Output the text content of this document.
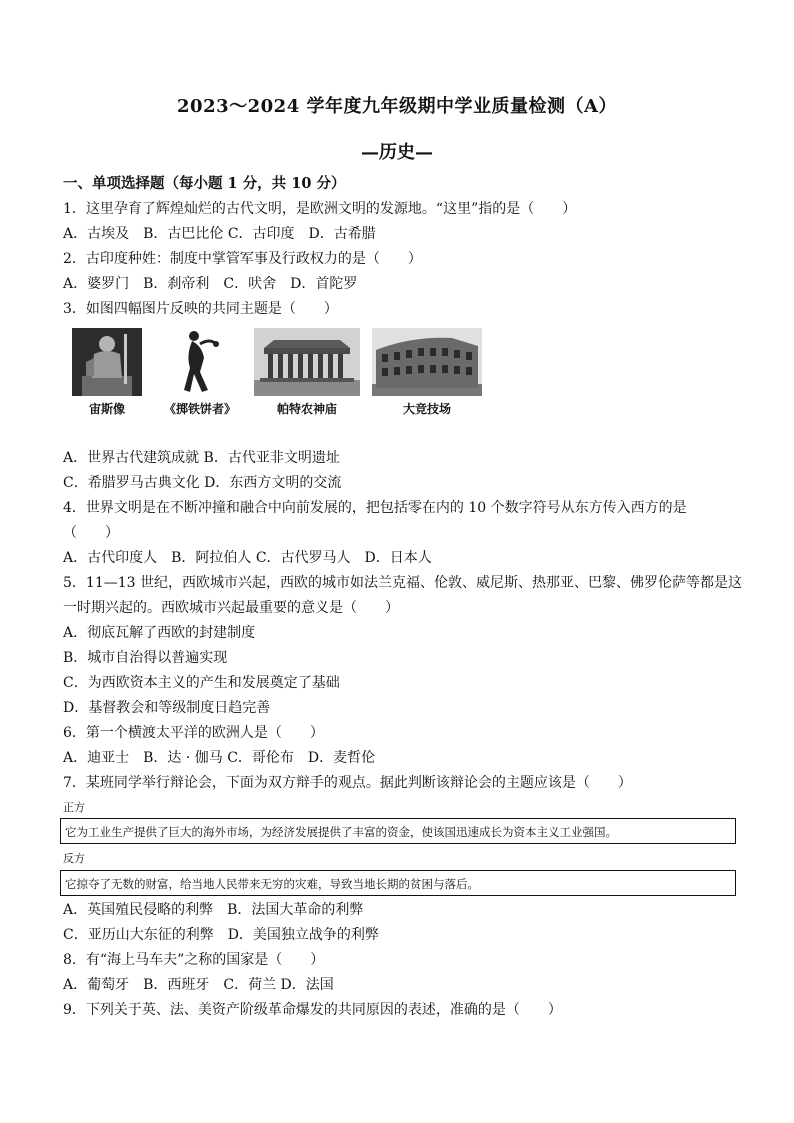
2023～2024 学年度九年级期中学业质量检测（A）
—历史—
一、单项选择题（每小题 1 分，共 10 分）
1．这里孕育了辉煌灿烂的古代文明，是欧洲文明的发源地。“这里”指的是（　　）
A．古埃及　B．古巴比伦 C．古印度　D．古希腊
2．古印度种姓：制度中掌管军事及行政权力的是（　　）
A．婆罗门　B．刹帝利　C．吠舍　D．首陀罗
3．如图四幅图片反映的共同主题是（　　）
宙斯像	《掷铁饼者》	帕特农神庙	大竞技场
A．世界古代建筑成就 B．古代亚非文明遗址
C．希腊罗马古典文化 D．东西方文明的交流
4．世界文明是在不断冲撞和融合中向前发展的，把包括零在内的 10 个数字符号从东方传入西方的是
（　　）
A．古代印度人　B．阿拉伯人 C．古代罗马人　D．日本人
5．11—13 世纪，西欧城市兴起，西欧的城市如法兰克福、伦敦、威尼斯、热那亚、巴黎、佛罗伦萨等都是这
一时期兴起的。西欧城市兴起最重要的意义是（　　）
A．彻底瓦解了西欧的封建制度
B．城市自治得以普遍实现
C．为西欧资本主义的产生和发展奠定了基础
D．基督教会和等级制度日趋完善
6．第一个横渡太平洋的欧洲人是（　　）
A．迪亚士　B．达 · 伽马 C．哥伦布　D．麦哲伦
7．某班同学举行辩论会，下面为双方辩手的观点。据此判断该辩论会的主题应该是（　　）
正方
它为工业生产提供了巨大的海外市场，为经济发展提供了丰富的资金，使该国迅速成长为资本主义工业强国。
反方
它掠夺了无数的财富，给当地人民带来无穷的灾难，导致当地长期的贫困与落后。
A．英国殖民侵略的利弊　B．法国大革命的利弊
C．亚历山大东征的利弊　D．美国独立战争的利弊
8．有“海上马车夫”之称的国家是（　　）
A．葡萄牙　B．西班牙　C．荷兰 D．法国
9．下列关于英、法、美资产阶级革命爆发的共同原因的表述，准确的是（　　）
